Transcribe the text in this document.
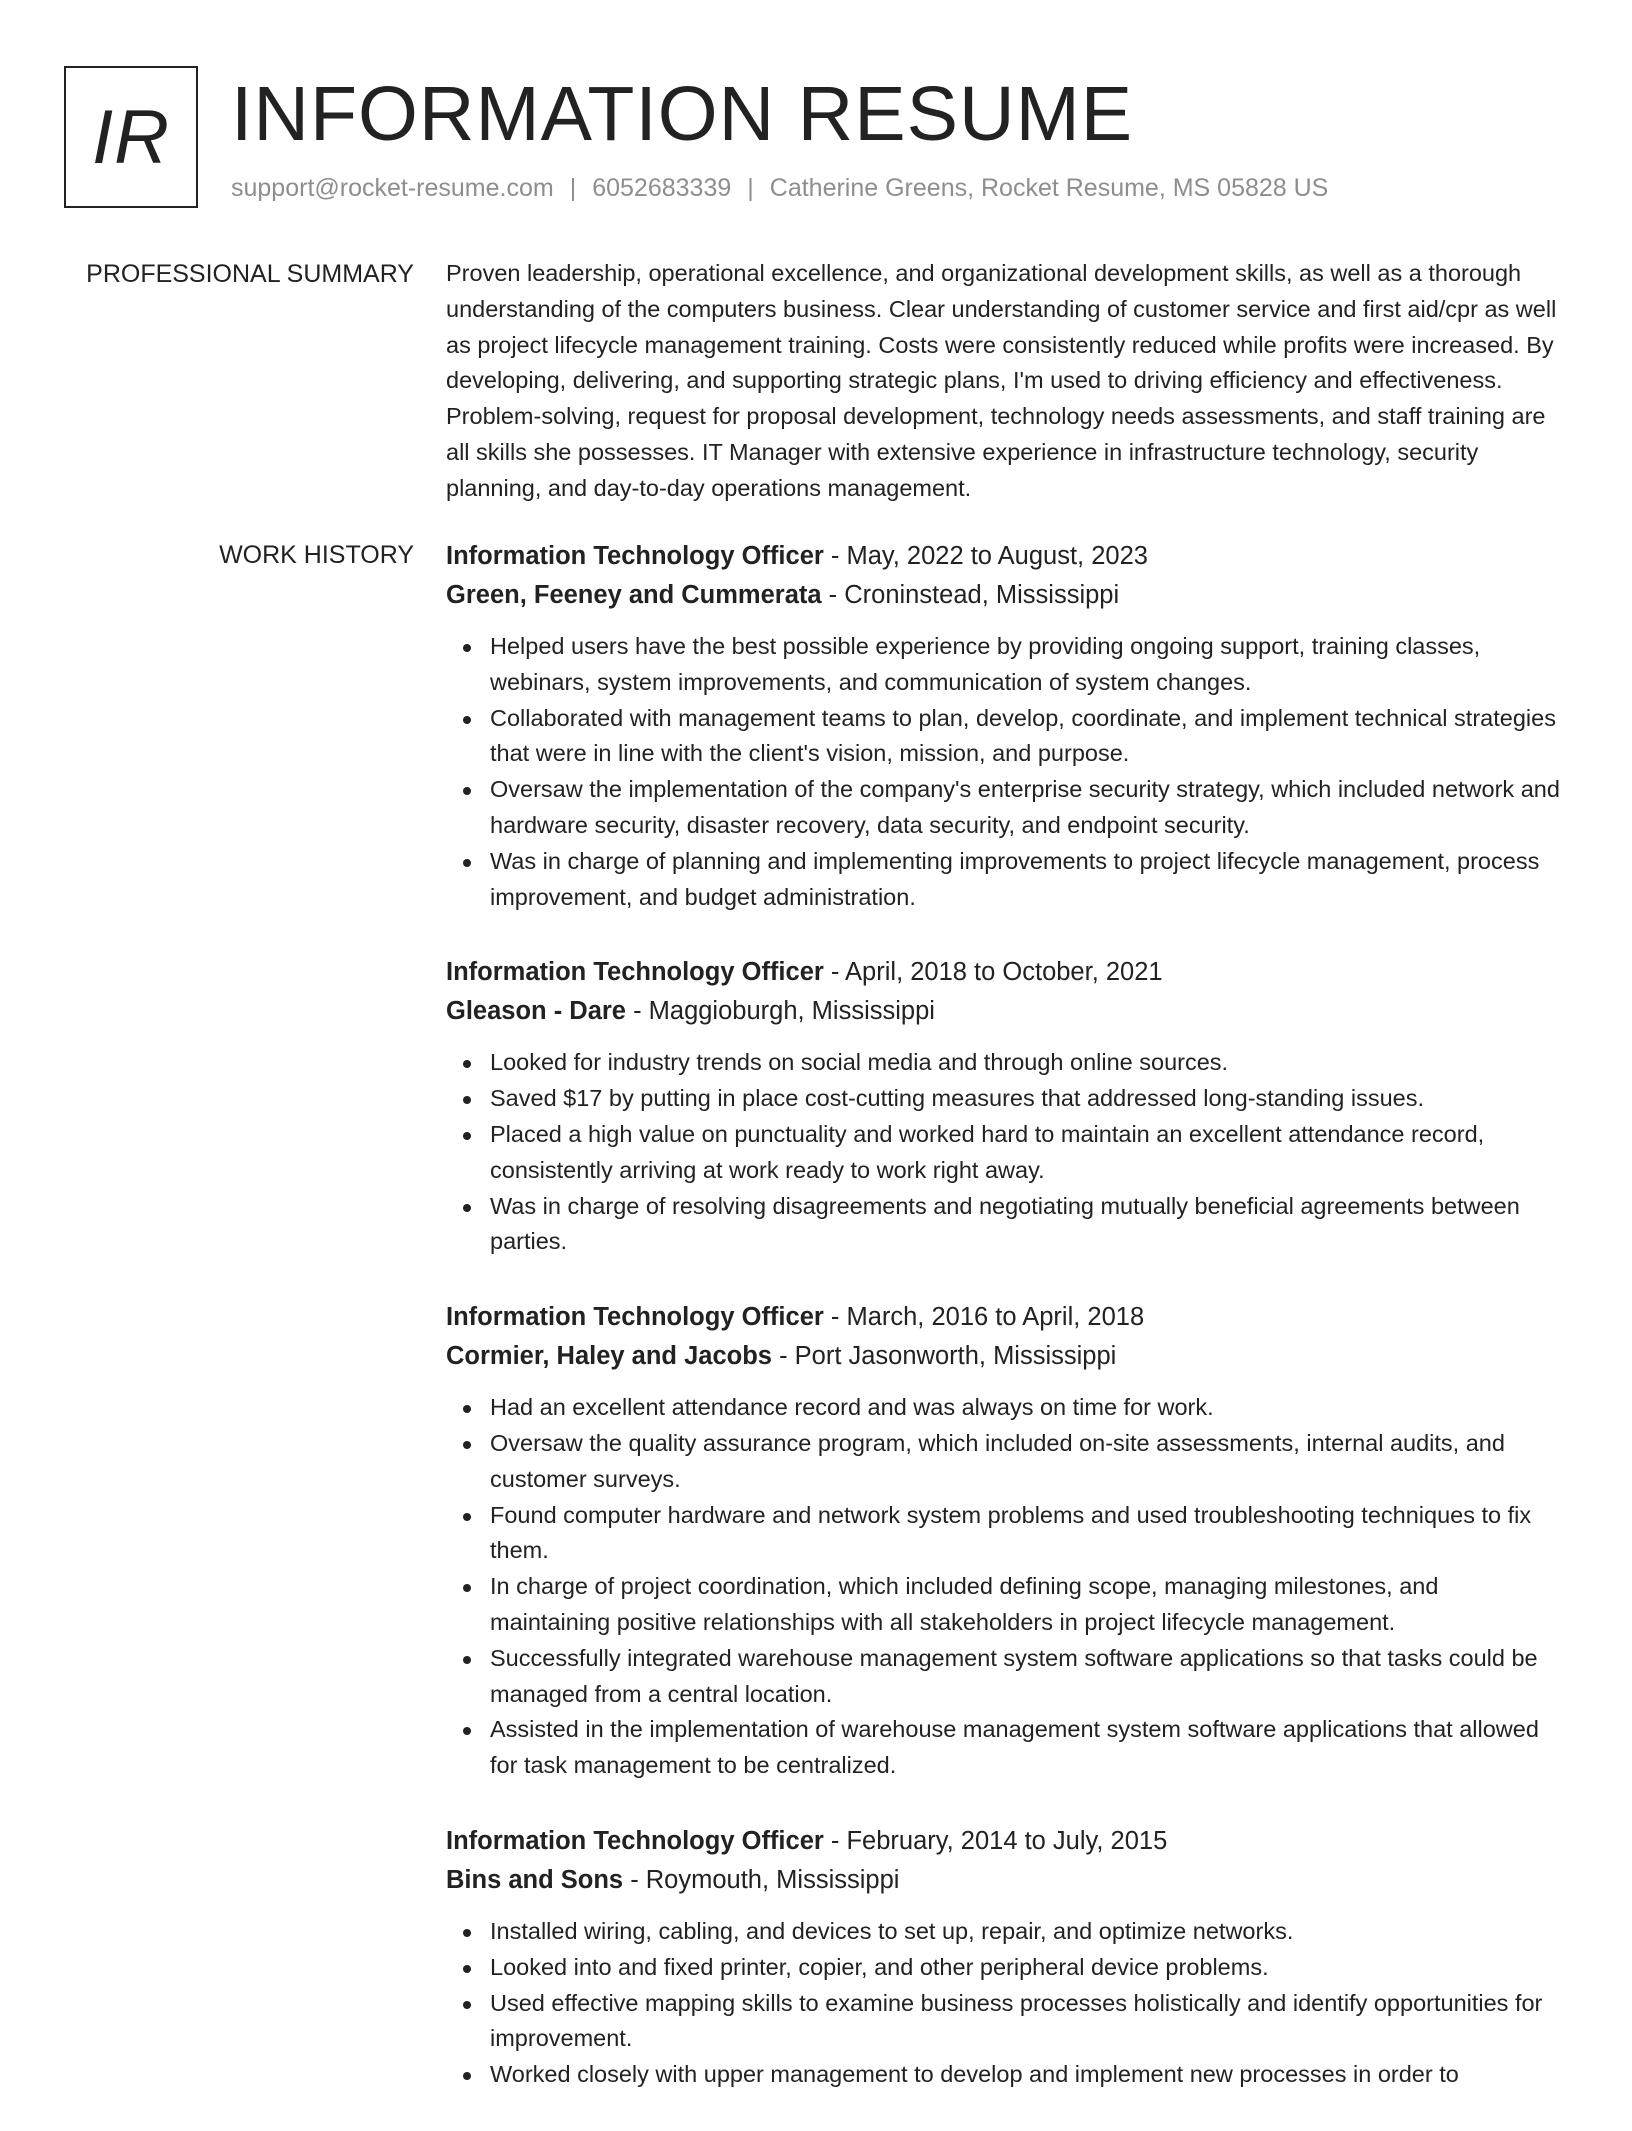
IR INFORMATION RESUME
support@rocket-resume.com | 6052683339 | Catherine Greens, Rocket Resume, MS 05828 US
PROFESSIONAL SUMMARY Proven leadership, operational excellence, and organizational development skills, as well as a thorough understanding of the computers business. Clear understanding of customer service and first aid/cpr as well as project lifecycle management training. Costs were consistently reduced while profits were increased. By developing, delivering, and supporting strategic plans, I'm used to driving efficiency and effectiveness. Problem-solving, request for proposal development, technology needs assessments, and staff training are all skills she possesses. IT Manager with extensive experience in infrastructure technology, security planning, and day-to-day operations management.

WORK HISTORY Information Technology Officer - May, 2022 to August, 2023
Green, Feeney and Cummerata - Croninstead, Mississippi
Helped users have the best possible experience by providing ongoing support, training classes, webinars, system improvements, and communication of system changes.
Collaborated with management teams to plan, develop, coordinate, and implement technical strategies that were in line with the client's vision, mission, and purpose.
Oversaw the implementation of the company's enterprise security strategy, which included network and hardware security, disaster recovery, data security, and endpoint security.
Was in charge of planning and implementing improvements to project lifecycle management, process improvement, and budget administration.
Information Technology Officer - April, 2018 to October, 2021
Gleason - Dare - Maggioburgh, Mississippi
Looked for industry trends on social media and through online sources.
Saved $17 by putting in place cost-cutting measures that addressed long-standing issues.
Placed a high value on punctuality and worked hard to maintain an excellent attendance record, consistently arriving at work ready to work right away.
Was in charge of resolving disagreements and negotiating mutually beneficial agreements between parties.
Information Technology Officer - March, 2016 to April, 2018
Cormier, Haley and Jacobs - Port Jasonworth, Mississippi
Had an excellent attendance record and was always on time for work.
Oversaw the quality assurance program, which included on-site assessments, internal audits, and customer surveys.
Found computer hardware and network system problems and used troubleshooting techniques to fix them.
In charge of project coordination, which included defining scope, managing milestones, and maintaining positive relationships with all stakeholders in project lifecycle management.
Successfully integrated warehouse management system software applications so that tasks could be managed from a central location.
Assisted in the implementation of warehouse management system software applications that allowed for task management to be centralized.
Information Technology Officer - February, 2014 to July, 2015
Bins and Sons - Roymouth, Mississippi
Installed wiring, cabling, and devices to set up, repair, and optimize networks.
Looked into and fixed printer, copier, and other peripheral device problems.
Used effective mapping skills to examine business processes holistically and identify opportunities for improvement.
Worked closely with upper management to develop and implement new processes in order to
